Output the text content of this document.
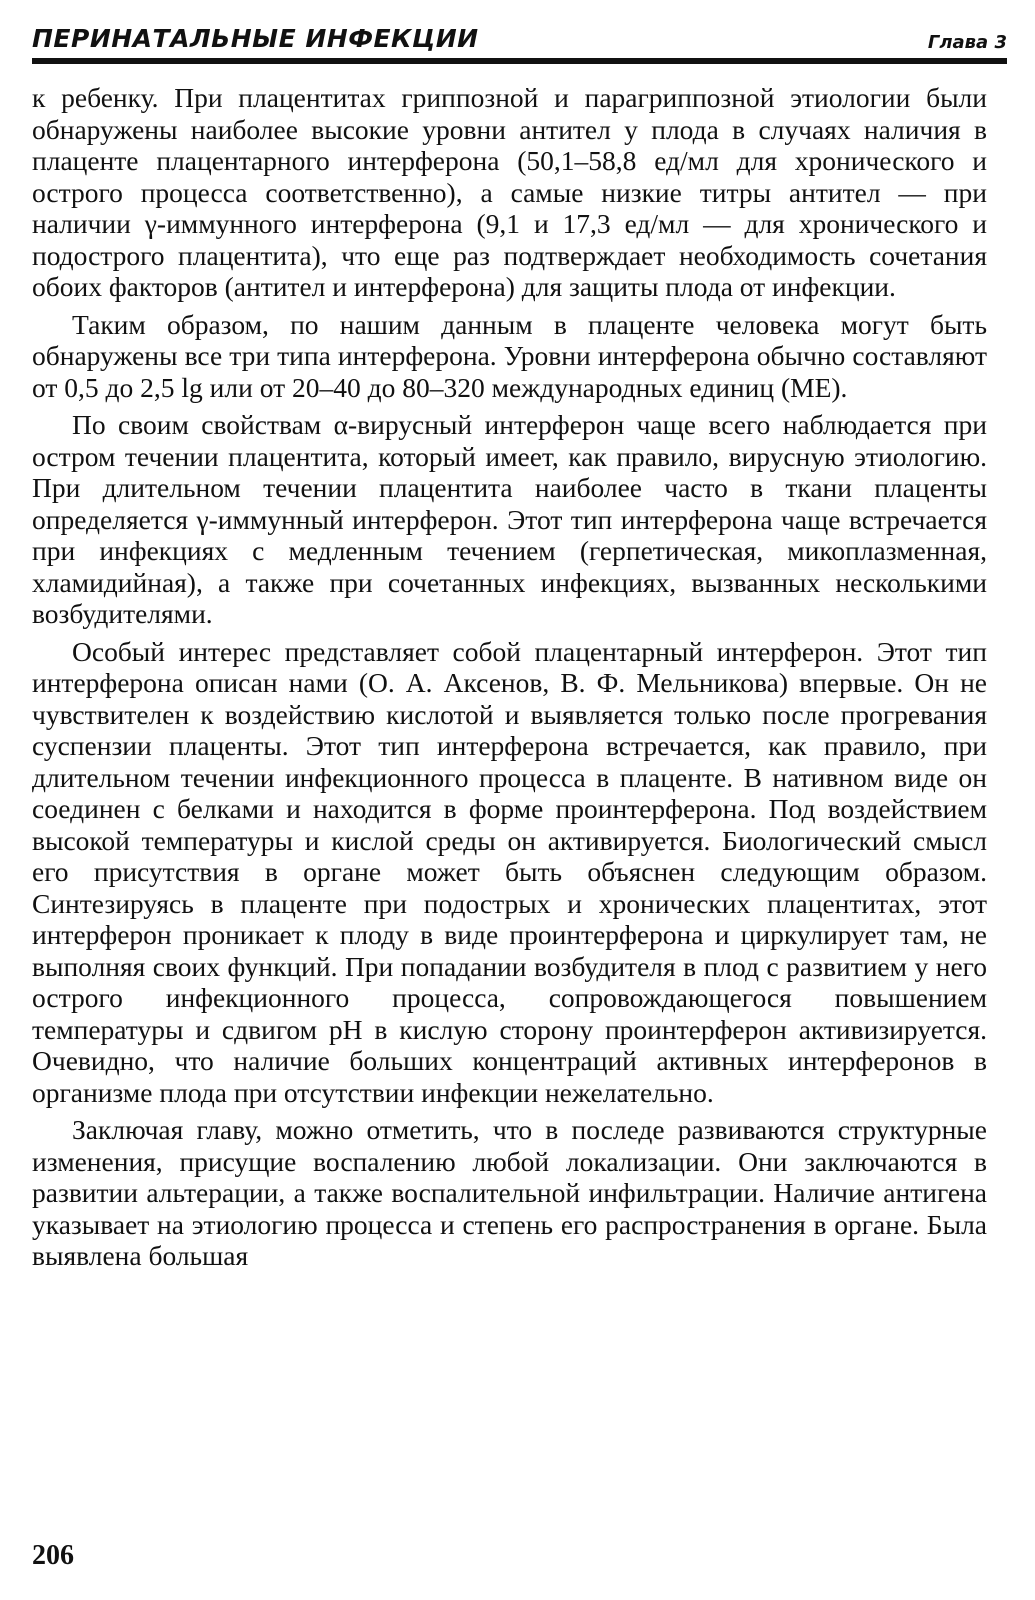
ПЕРИНАТАЛЬНЫЕ ИНФЕКЦИИ	Глава 3

к ребенку. При плацентитах гриппозной и парагриппозной этиологии были обнаружены наиболее высокие уровни антител у плода в случаях наличия в плаценте плацентарного интерферона (50,1–58,8 ед/мл для хронического и острого процесса соответственно), а самые низкие титры антител — при наличии γ-иммунного интерферона (9,1 и 17,3 ед/мл — для хронического и подострого плацентита), что еще раз подтверждает необходимость сочетания обоих факторов (антител и интерферона) для защиты плода от инфекции.

Таким образом, по нашим данным в плаценте человека могут быть обнаружены все три типа интерферона. Уровни интерферона обычно составляют от 0,5 до 2,5 lg или от 20–40 до 80–320 международных единиц (МЕ).

По своим свойствам α-вирусный интерферон чаще всего наблюдается при остром течении плацентита, который имеет, как правило, вирусную этиологию. При длительном течении плацентита наиболее часто в ткани плаценты определяется γ-иммунный интерферон. Этот тип интерферона чаще встречается при инфекциях с медленным течением (герпетическая, микоплазменная, хламидийная), а также при сочетанных инфекциях, вызванных несколькими возбудителями.

Особый интерес представляет собой плацентарный интерферон. Этот тип интерферона описан нами (О. А. Аксенов, В. Ф. Мельникова) впервые. Он не чувствителен к воздействию кислотой и выявляется только после прогревания суспензии плаценты. Этот тип интерферона встречается, как правило, при длительном течении инфекционного процесса в плаценте. В нативном виде он соединен с белками и находится в форме проинтерферона. Под воздействием высокой температуры и кислой среды он активируется. Биологический смысл его присутствия в органе может быть объяснен следующим образом. Синтезируясь в плаценте при подострых и хронических плацентитах, этот интерферон проникает к плоду в виде проинтерферона и циркулирует там, не выполняя своих функций. При попадании возбудителя в плод с развитием у него острого инфекционного процесса, сопровождающегося повышением температуры и сдвигом pH в кислую сторону проинтерферон активизируется. Очевидно, что наличие больших концентраций активных интерферонов в организме плода при отсутствии инфекции нежелательно.

Заключая главу, можно отметить, что в последе развиваются структурные изменения, присущие воспалению любой локализации. Они заключаются в развитии альтерации, а также воспалительной инфильтрации. Наличие антигена указывает на этиологию процесса и степень его распространения в органе. Была выявлена большая

206
